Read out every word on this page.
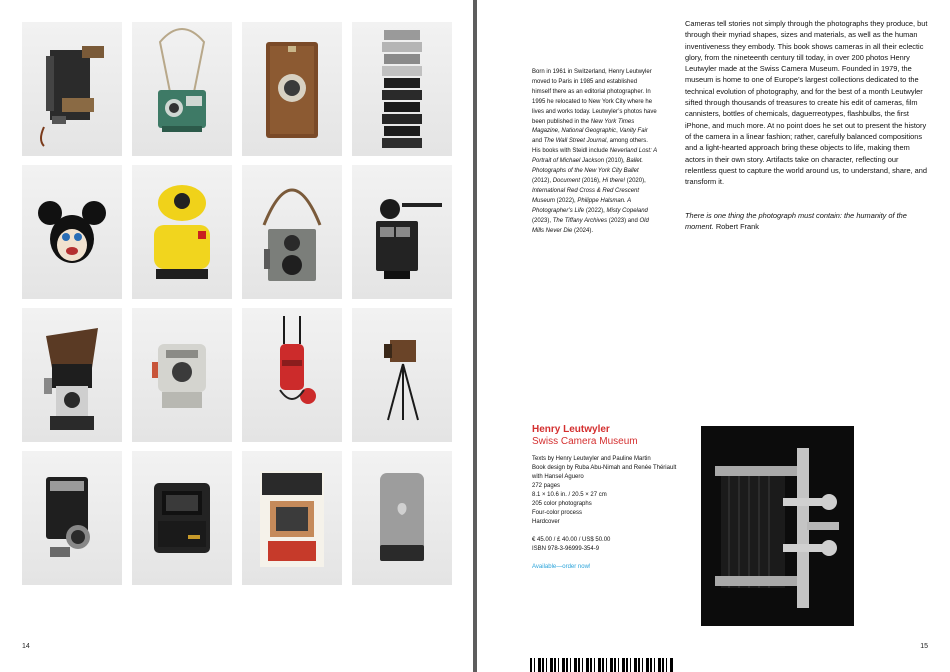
14
Born in 1961 in Switzerland, Henry Leutwyler moved to Paris in 1985 and established himself there as an editorial photographer. In 1995 he relocated to New York City where he lives and works today. Leutwyler’s photos have been published in the New York Times Magazine, National Geographic, Vanity Fair and The Wall Street Journal, among others. His books with Steidl include Neverland Lost: A Portrait of Michael Jackson (2010), Ballet. Photographs of the New York City Ballet (2012), Document (2016), Hi there! (2020), International Red Cross & Red Crescent Museum (2022), Philippe Halsman. A Photographer’s Life (2022), Misty Copeland (2023), The Tiffany Archives (2023) and Old Mills Never Die (2024).

Cameras tell stories not simply through the photographs they produce, but through their myriad shapes, sizes and materials, as well as the human inventiveness they embody. This book shows cameras in all their eclectic glory, from the nineteenth century till today, in over 200 photos Henry Leutwyler made at the Swiss Camera Museum. Founded in 1979, the museum is home to one of Europe’s largest collections dedicated to the technical evolution of photography, and for the best of a month Leutwyler sifted through thousands of treasures to create his edit of cameras, film cannisters, bottles of chemicals, daguerreotypes, flashbulbs, the first iPhone, and much more. At no point does he set out to present the history of the camera in a linear fashion; rather, carefully balanced compositions and a light-hearted approach bring these objects to life, making them actors in their own story. Artifacts take on character, reflecting our relentless quest to capture the world around us, to understand, share, and transform it.

There is one thing the photograph must contain: the humanity of the moment. Robert Frank
Henry Leutwyler
Swiss Camera Museum
Texts by Henry Leutwyler and Pauline Martin
Book design by Ruba Abu-Nimah and Renée Thériault
with Hansel Aguero
272 pages
8.1 × 10.6 in. / 20.5 × 27 cm
205 color photographs
Four-color process
Hardcover
€ 45.00 / £ 40.00 / US$ 50.00
ISBN 978-3-96999-354-9
Available—order now!
15
